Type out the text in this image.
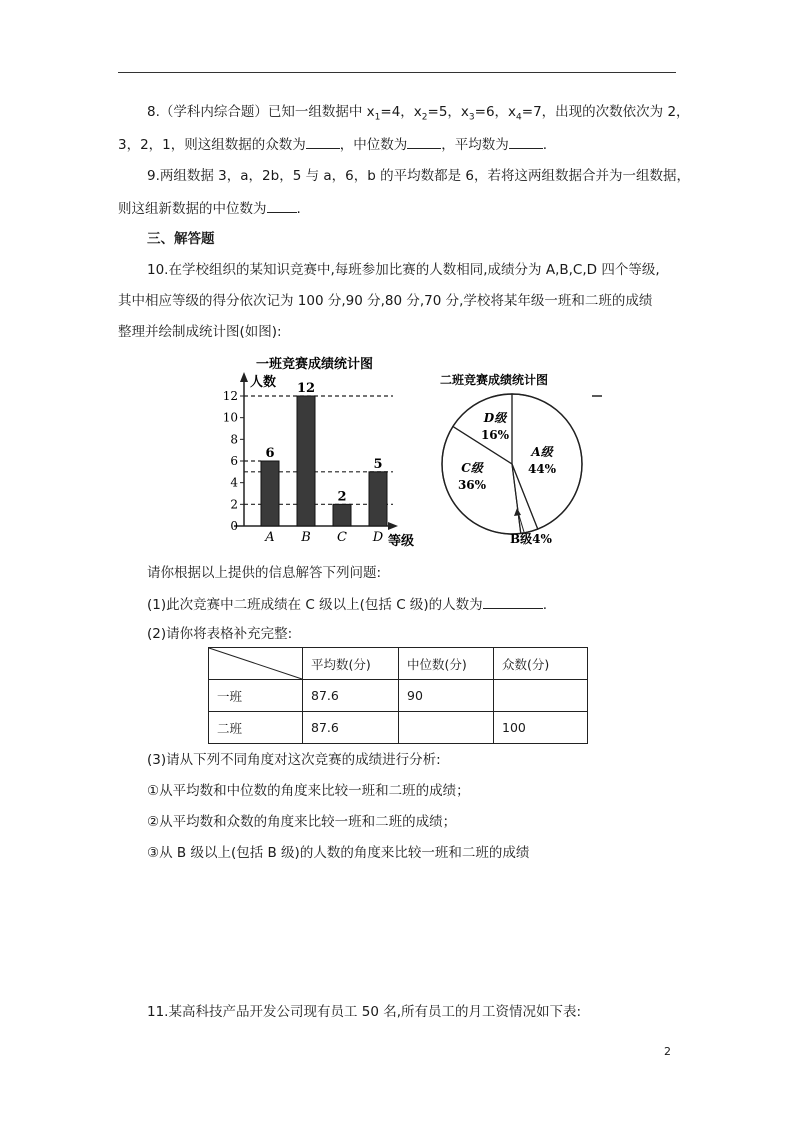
8.（学科内综合题）已知一组数据中 $x_1=4$，$x_2=5$，$x_3=6$，$x_4=7$，出现的次数依次为 2，
3，2，1，则这组数据的众数为	，中位数为	，平均数为	.
9.两组数据 3，a，2b，5 与 a，6，b 的平均数都是 6，若将这两组数据合并为一组数据，
则这组新数据的中位数为 .
三、解答题
10.在学校组织的某知识竞赛中,每班参加比赛的人数相同,成绩分为 A,B,C,D 四个等级,
其中相应等级的得分依次记为 100 分,90 分,80 分,70 分,学校将某年级一班和二班的成绩
整理并绘制成统计图(如图):
一班竞赛成绩统计图
人数
等级
0
2
4
6
8
10
12
6
A
12
B
2
C
5
D
二班竞赛成绩统计图
A级
44%
B级4%
C级
36%
D级
16%
请你根据以上提供的信息解答下列问题:
(1)此次竞赛中二班成绩在 C 级以上(包括 C 级)的人数为	.
(2)请你将表格补充完整:
	平均数(分)	中位数(分)	众数(分)
一班	87.6	90	
二班	87.6		100
(3)请从下列不同角度对这次竞赛的成绩进行分析:
①从平均数和中位数的角度来比较一班和二班的成绩；
②从平均数和众数的角度来比较一班和二班的成绩；
③从 B 级以上(包括 B 级)的人数的角度来比较一班和二班的成绩
11.某高科技产品开发公司现有员工 50 名,所有员工的月工资情况如下表:
2
